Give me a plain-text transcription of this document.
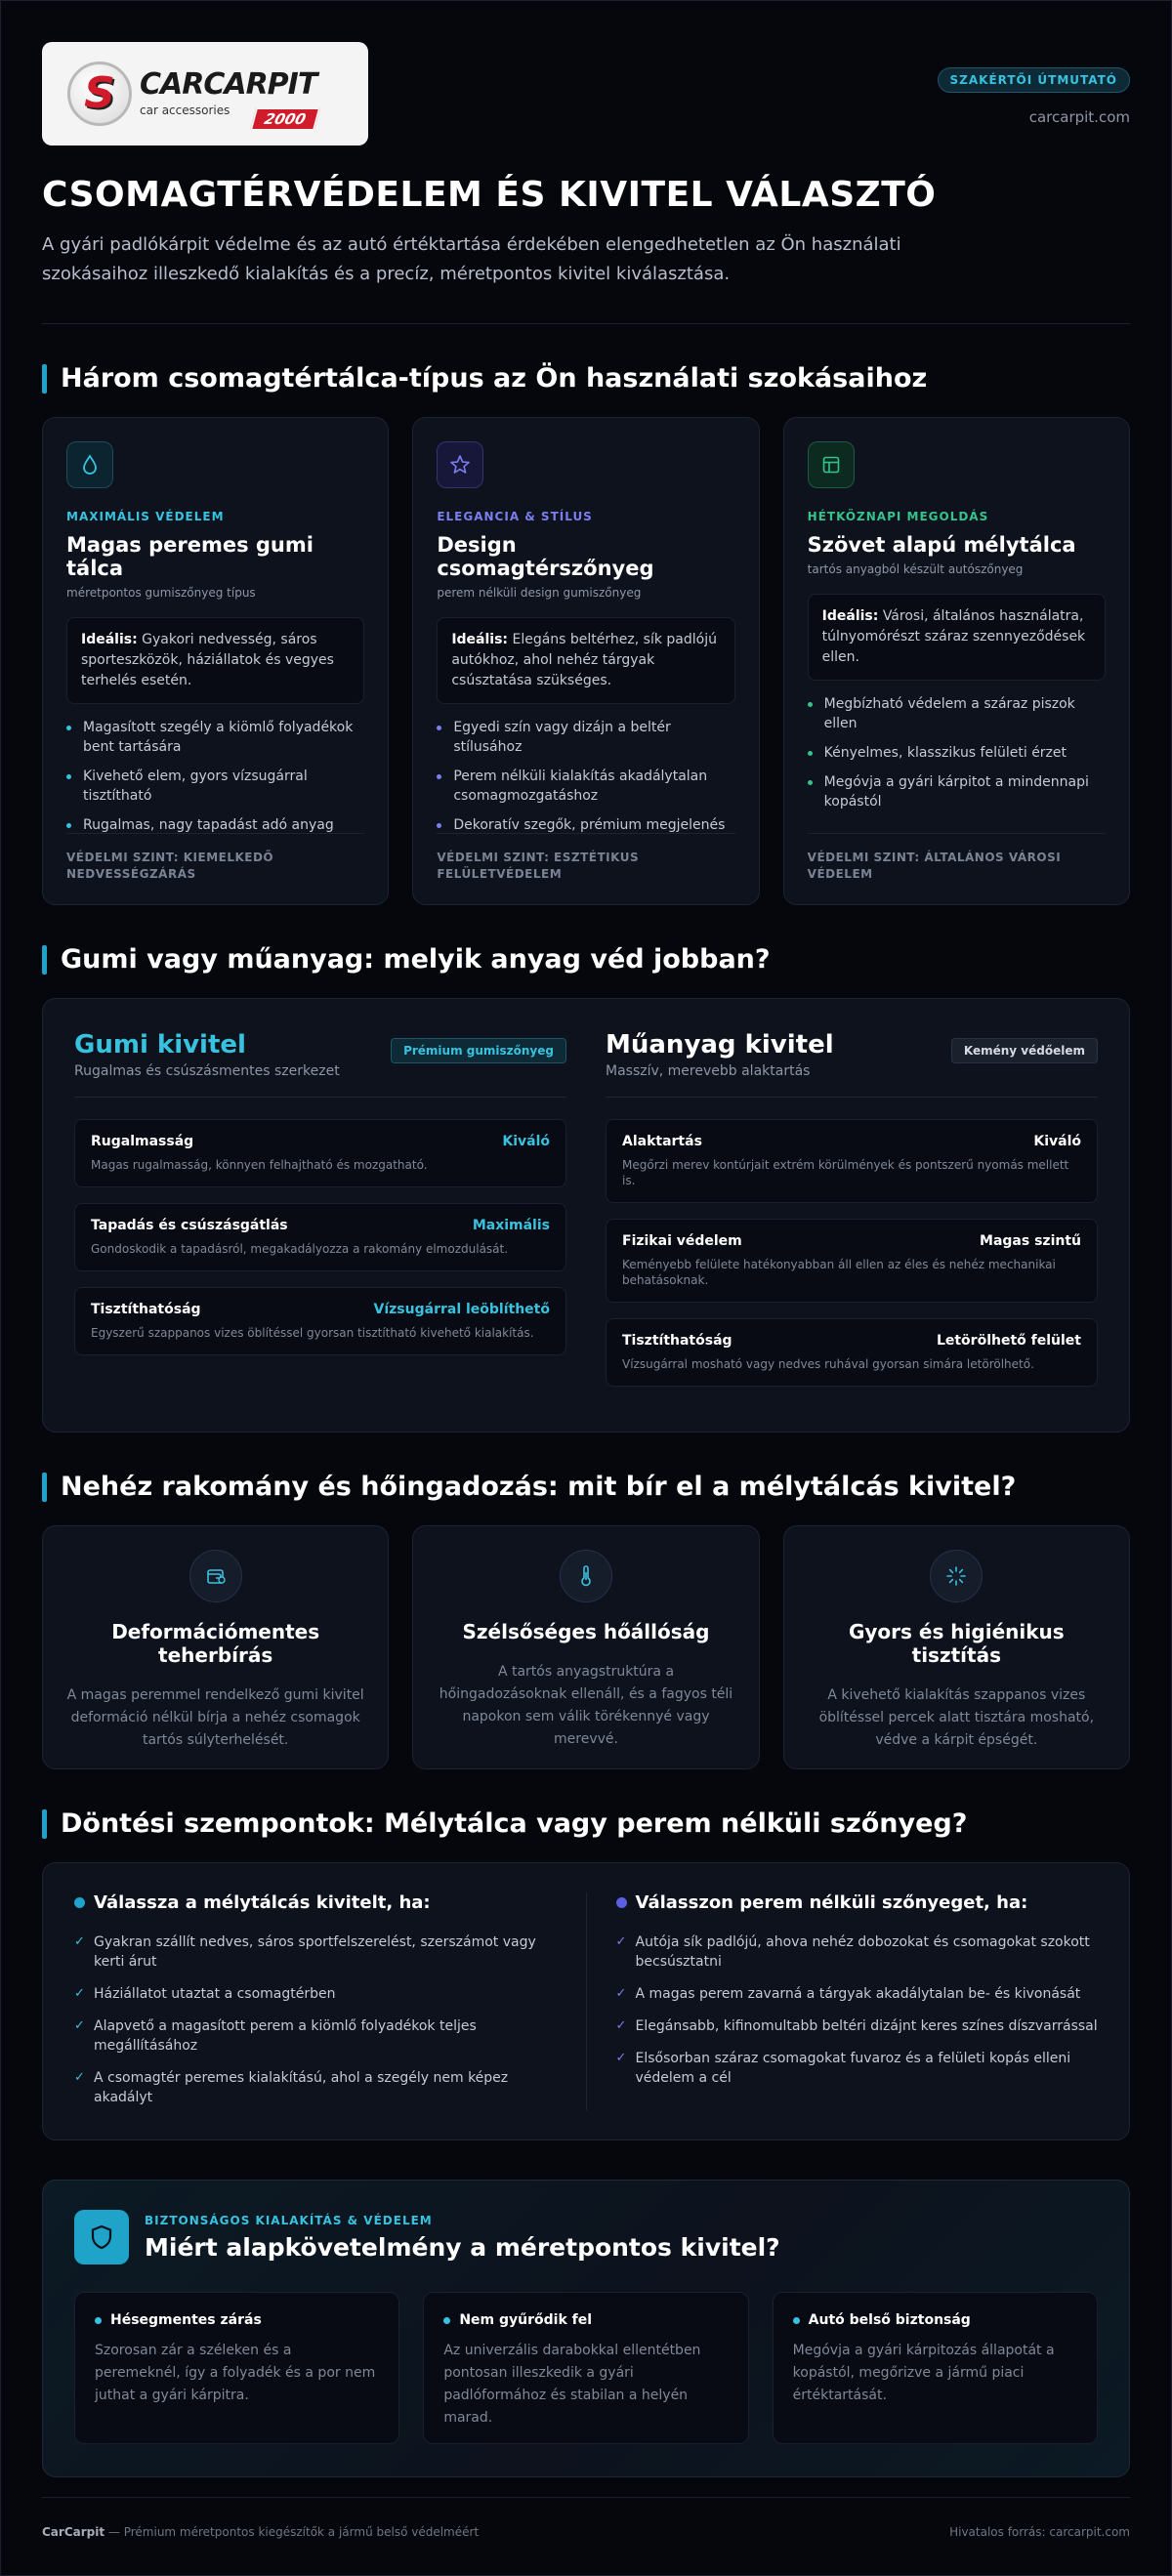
S CARCARPIT
car accessories	2000
SZAKÉRTŐI ÚTMUTATÓ
carcarpit.com
CSOMAGTÉRVÉDELEM ÉS KIVITEL VÁLASZTÓ

A gyári padlókárpit védelme és az autó értéktartása érdekében elengedhetetlen az Ön használati szokásaihoz illeszkedő kialakítás és a precíz, méretpontos kivitel kiválasztása.

Három csomagtértálca-típus az Ön használati szokásaihoz
MAXIMÁLIS VÉDELEM
Magas peremes gumi tálca
méretpontos gumiszőnyeg típus
Ideális: Gyakori nedvesség, sáros sporteszközök, háziállatok és vegyes terhelés esetén.
Magasított szegély a kiömlő folyadékok bent tartására
Kivehető elem, gyors vízsugárral tisztítható
Rugalmas, nagy tapadást adó anyag
VÉDELMI SZINT: KIEMELKEDŐ NEDVESSÉGZÁRÁS
ELEGANCIA & STÍLUS
Design csomagtérszőnyeg
perem nélküli design gumiszőnyeg
Ideális: Elegáns beltérhez, sík padlójú autókhoz, ahol nehéz tárgyak csúsztatása szükséges.
Egyedi szín vagy dizájn a beltér stílusához
Perem nélküli kialakítás akadálytalan csomagmozgatáshoz
Dekoratív szegők, prémium megjelenés
VÉDELMI SZINT: ESZTÉTIKUS FELÜLETVÉDELEM
HÉTKÖZNAPI MEGOLDÁS
Szövet alapú mélytálca
tartós anyagból készült autószőnyeg
Ideális: Városi, általános használatra, túlnyomórészt száraz szennyeződések ellen.
Megbízható védelem a száraz piszok ellen
Kényelmes, klasszikus felületi érzet
Megóvja a gyári kárpitot a mindennapi kopástól
VÉDELMI SZINT: ÁLTALÁNOS VÁROSI VÉDELEM
Gumi vagy műanyag: melyik anyag véd jobban?
Gumi kivitel
Rugalmas és csúszásmentes szerkezet
Prémium gumiszőnyeg
Rugalmasság	Kiváló
Magas rugalmasság, könnyen felhajtható és mozgatható.
Tapadás és csúszásgátlás	Maximális
Gondoskodik a tapadásról, megakadályozza a rakomány elmozdulását.
Tisztíthatóság	Vízsugárral leöblíthető
Egyszerű szappanos vizes öblítéssel gyorsan tisztítható kivehető kialakítás.
Műanyag kivitel
Masszív, merevebb alaktartás
Kemény védőelem
Alaktartás	Kiváló
Megőrzi merev kontúrjait extrém körülmények és pontszerű nyomás mellett is.
Fizikai védelem	Magas szintű
Keményebb felülete hatékonyabban áll ellen az éles és nehéz mechanikai behatásoknak.
Tisztíthatóság	Letörölhető felület
Vízsugárral mosható vagy nedves ruhával gyorsan simára letörölhető.
Nehéz rakomány és hőingadozás: mit bír el a mélytálcás kivitel?
Deformációmentes teherbírás
A magas peremmel rendelkező gumi kivitel deformáció nélkül bírja a nehéz csomagok tartós súlyterhelését.
Szélsőséges hőállóság
A tartós anyagstruktúra a hőingadozásoknak ellenáll, és a fagyos téli napokon sem válik törékennyé vagy merevvé.
Gyors és higiénikus tisztítás
A kivehető kialakítás szappanos vizes öblítéssel percek alatt tisztára mosható, védve a kárpit épségét.
Döntési szempontok: Mélytálca vagy perem nélküli szőnyeg?
Válassza a mélytálcás kivitelt, ha:
✓ Gyakran szállít nedves, sáros sportfelszerelést, szerszámot vagy kerti árut
✓ Háziállatot utaztat a csomagtérben
✓ Alapvető a magasított perem a kiömlő folyadékok teljes megállításához
✓ A csomagtér peremes kialakítású, ahol a szegély nem képez akadályt
Válasszon perem nélküli szőnyeget, ha:
✓ Autója sík padlójú, ahova nehéz dobozokat és csomagokat szokott becsúsztatni
✓ A magas perem zavarná a tárgyak akadálytalan be- és kivonását
✓ Elegánsabb, kifinomultabb beltéri dizájnt keres színes díszvarrással
✓ Elsősorban száraz csomagokat fuvaroz és a felületi kopás elleni védelem a cél
BIZTONSÁGOS KIALAKÍTÁS & VÉDELEM
Miért alapkövetelmény a méretpontos kivitel?
Hésegmentes zárás
Szorosan zár a széleken és a peremeknél, így a folyadék és a por nem juthat a gyári kárpitra.
Nem gyűrődik fel
Az univerzális darabokkal ellentétben pontosan illeszkedik a gyári padlóformához és stabilan a helyén marad.
Autó belső biztonság
Megóvja a gyári kárpitozás állapotát a kopástól, megőrizve a jármű piaci értéktartását.
CarCarpit — Prémium méretpontos kiegészítők a jármű belső védelméért	Hivatalos forrás: carcarpit.com
